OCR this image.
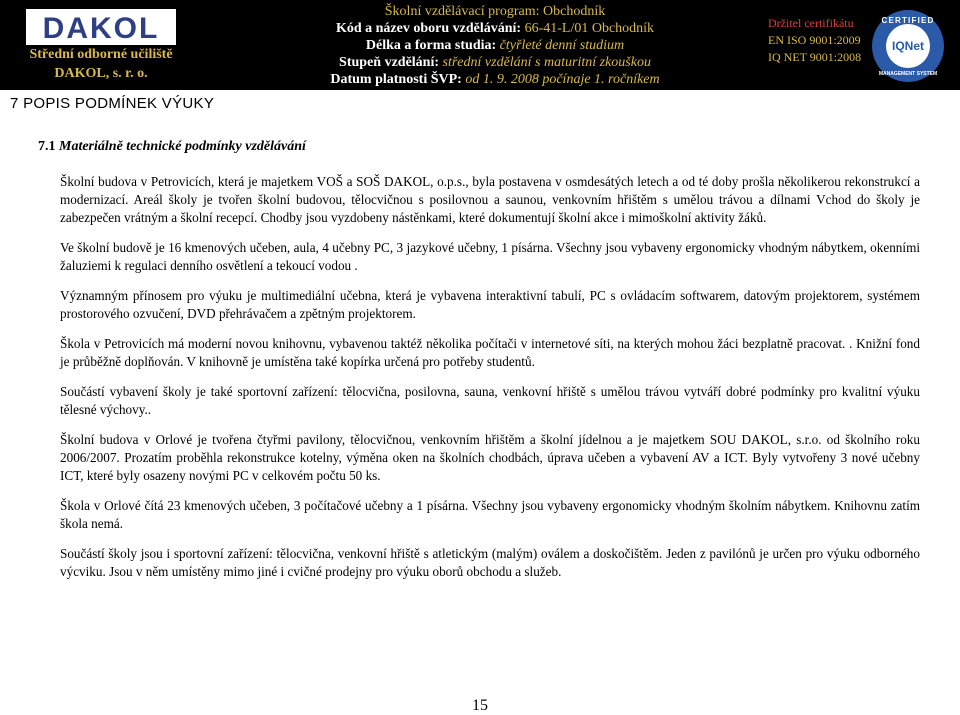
DAKOL
Střední odborné učiliště
DAKOL, s. r. o.
Školní vzdělávací program: Obchodník
Kód a název oboru vzdělávání: 66-41-L/01 Obchodník
Délka a forma studia: čtyřleté denní studium
Stupeň vzdělání: střední vzdělání s maturitní zkouškou
Datum platnosti ŠVP: od 1. 9. 2008 počínaje 1. ročníkem
Držitel certifikátu
EN ISO 9001:2009
IQ NET 9001:2008
CERTIFIED
IQNet
MANAGEMENT SYSTEM
7 POPIS PODMÍNEK VÝUKY
7.1 Materiálně technické podmínky vzdělávání

Školní budova v Petrovicích, která je majetkem VOŠ a SOŠ DAKOL, o.p.s., byla postavena v osmdesátých letech a od té doby prošla několikerou rekonstrukcí a modernizací. Areál školy je tvořen školní budovou, tělocvičnou s posilovnou a saunou, venkovním hřištěm s umělou trávou a dílnami Vchod do školy je zabezpečen vrátným a školní recepcí. Chodby jsou vyzdobeny nástěnkami, které dokumentují školní akce i mimoškolní aktivity žáků.

Ve školní budově je 16 kmenových učeben, aula, 4 učebny PC, 3 jazykové učebny, 1 písárna. Všechny jsou vybaveny ergonomicky vhodným nábytkem, okenními žaluziemi k regulaci denního osvětlení a tekoucí vodou .

Významným přínosem pro výuku je multimediální učebna, která je vybavena interaktivní tabulí, PC s ovládacím softwarem, datovým projektorem, systémem prostorového ozvučení, DVD přehrávačem a zpětným projektorem.

Škola v Petrovicích má moderní novou knihovnu, vybavenou taktéž několika počítači v internetové síti, na kterých mohou žáci bezplatně pracovat. . Knižní fond je průběžně doplňován. V knihovně je umístěna také kopírka určená pro potřeby studentů.

Součástí vybavení školy je také sportovní zařízení: tělocvična, posilovna, sauna, venkovní hřiště s umělou trávou vytváří dobré podmínky pro kvalitní výuku tělesné výchovy..

Školní budova v Orlové je tvořena čtyřmi pavilony, tělocvičnou, venkovním hřištěm a školní jídelnou a je majetkem SOU DAKOL, s.r.o. od školního roku 2006/2007. Prozatím proběhla rekonstrukce kotelny, výměna oken na školních chodbách, úprava učeben a vybavení AV a ICT. Byly vytvořeny 3 nové učebny ICT, které byly osazeny novými PC v celkovém počtu 50 ks.

Škola v Orlové čítá 23 kmenových učeben, 3 počítačové učebny a 1 písárna. Všechny jsou vybaveny ergonomicky vhodným školním nábytkem. Knihovnu zatím škola nemá.

Součástí školy jsou i sportovní zařízení: tělocvična, venkovní hřiště s atletickým (malým) oválem a doskočištěm. Jeden z pavilónů je určen pro výuku odborného výcviku. Jsou v něm umístěny mimo jiné i cvičné prodejny pro výuku oborů obchodu a služeb.

15
